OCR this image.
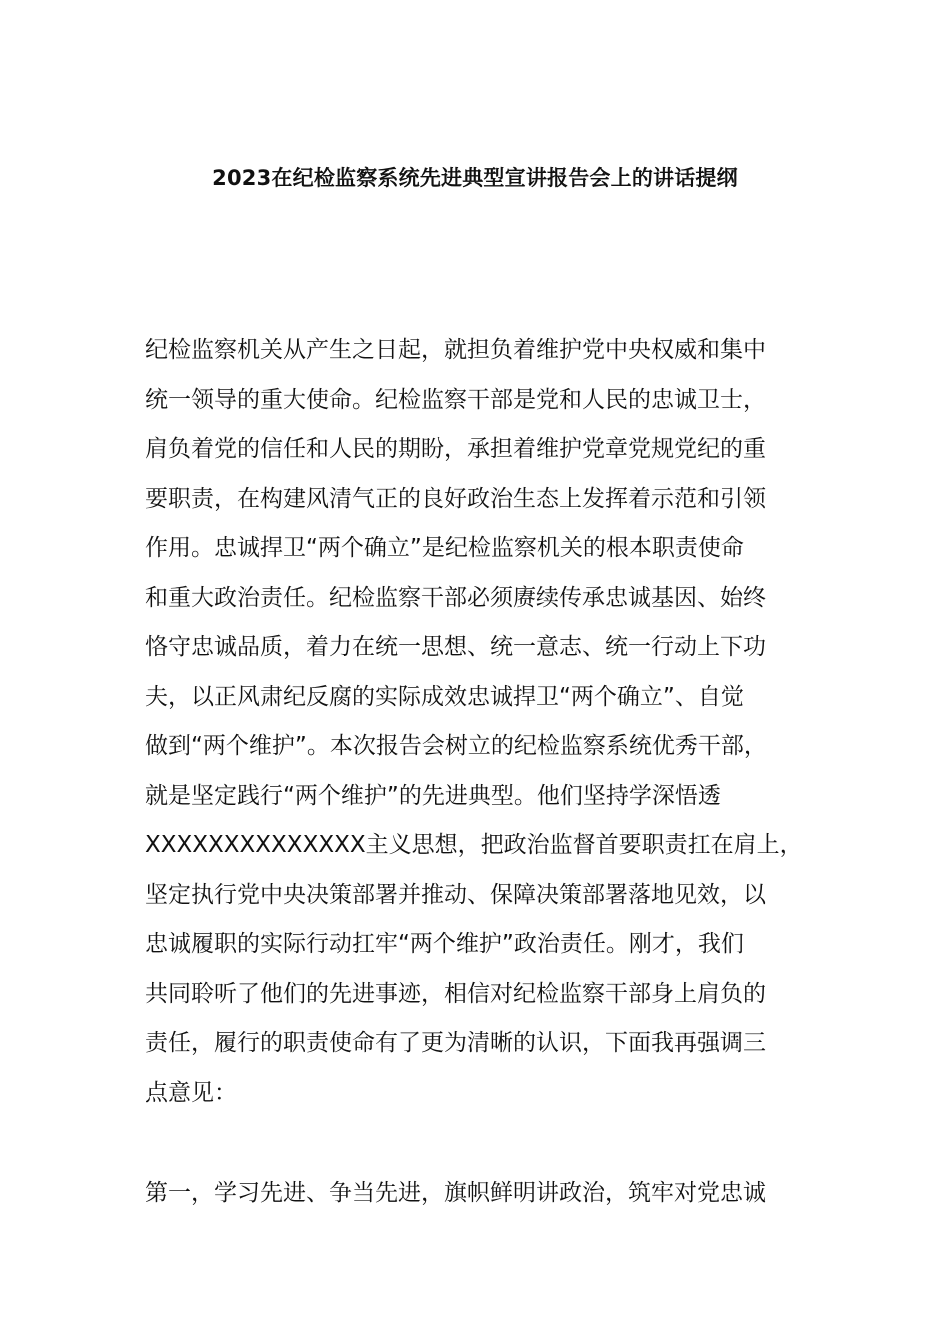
2023在纪检监察系统先进典型宣讲报告会上的讲话提纲
纪检监察机关从产生之日起，就担负着维护党中央权威和集中
统一领导的重大使命。纪检监察干部是党和人民的忠诚卫士，
肩负着党的信任和人民的期盼，承担着维护党章党规党纪的重
要职责，在构建风清气正的良好政治生态上发挥着示范和引领
作用。忠诚捍卫“两个确立”是纪检监察机关的根本职责使命
和重大政治责任。纪检监察干部必须赓续传承忠诚基因、始终
恪守忠诚品质，着力在统一思想、统一意志、统一行动上下功
夫，以正风肃纪反腐的实际成效忠诚捍卫“两个确立”、自觉
做到“两个维护”。本次报告会树立的纪检监察系统优秀干部，
就是坚定践行“两个维护”的先进典型。他们坚持学深悟透
XXXXXXXXXXXXXX主义思想，把政治监督首要职责扛在肩上，
坚定执行党中央决策部署并推动、保障决策部署落地见效，以
忠诚履职的实际行动扛牢“两个维护”政治责任。刚才，我们
共同聆听了他们的先进事迹，相信对纪检监察干部身上肩负的
责任，履行的职责使命有了更为清晰的认识，下面我再强调三
点意见：
第一，学习先进、争当先进，旗帜鲜明讲政治，筑牢对党忠诚
